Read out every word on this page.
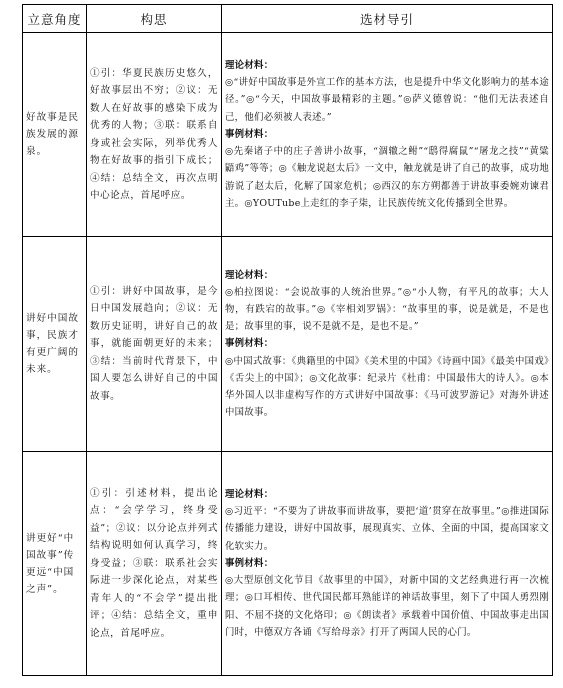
立意角度	构思	选材导引
好故事是民族发展的源泉。	①引：华夏民族历史悠久，好故事层出不穷；②议：无数人在好故事的感染下成为优秀的人物；③联：联系自身或社会实际，列举优秀人物在好故事的指引下成长；④结：总结全文，再次点明中心论点，首尾呼应。	理论材料：
◎“讲好中国故事是外宣工作的基本方法，也是提升中华文化影响力的基本途径。”◎“今天，中国故事最精彩的主题。”◎萨义德曾说：“他们无法表述自己，他们必须被人表述。”
事例材料：
◎先秦诸子中的庄子善讲小故事，“涸辙之鲋”“鸱得腐鼠”“屠龙之技”“黄粱鼯鸡”等等；◎《触龙说赵太后》一文中，触龙就是讲了自己的故事，成功地游说了赵太后，化解了国家危机；◎西汉的东方朔都善于讲故事委婉劝谏君主。◎YOUTube上走红的李子柒，让民族传统文化传播到全世界。

讲好中国故事，民族才有更广阔的未来。	①引：讲好中国故事，是今日中国发展趋向；②议：无数历史证明，讲好自己的故事，就能面朝更好的未来；③结：当前时代背景下，中国人要怎么讲好自己的中国故事。	理论材料：
◎柏拉图说：“会说故事的人统治世界。”◎“小人物，有平凡的故事；大人物，有跌宕的故事。”◎《宰相刘罗锅》：“故事里的事，说是就是，不是也是；故事里的事，说不是就不是，是也不是。”
事例材料：
◎中国式故事：《典籍里的中国》《美术里的中国》《诗画中国》《最美中国戏》《舌尖上的中国》；◎文化故事：纪录片《杜甫：中国最伟大的诗人》。◎本华外国人以非虚构写作的方式讲好中国故事：《马可波罗游记》对海外讲述中国故事。

讲更好“中国故事”传更远“中国之声”。	①引：引述材料，提出论点：“会学学习，终身受益”；②议：以分论点并列式结构说明如何认真学习，终身受益；③联：联系社会实际进一步深化论点，对某些青年人的“不会学”提出批评；④结：总结全文，重申论点，首尾呼应。	理论材料：
◎习近平：“不要为了讲故事而讲故事，要把‘道’贯穿在故事里。”◎推进国际传播能力建设，讲好中国故事，展现真实、立体、全面的中国，提高国家文化软实力。
事例材料：
◎大型原创文化节目《故事里的中国》，对新中国的文艺经典进行再一次梳理；◎口耳相传、世代国民都耳熟能详的神话故事里，刻下了中国人勇烈刚阳、不屈不挠的文化烙印；◎《朗读者》承载着中国价值、中国故事走出国门时，中德双方各诵《写给母亲》打开了两国人民的心门。
